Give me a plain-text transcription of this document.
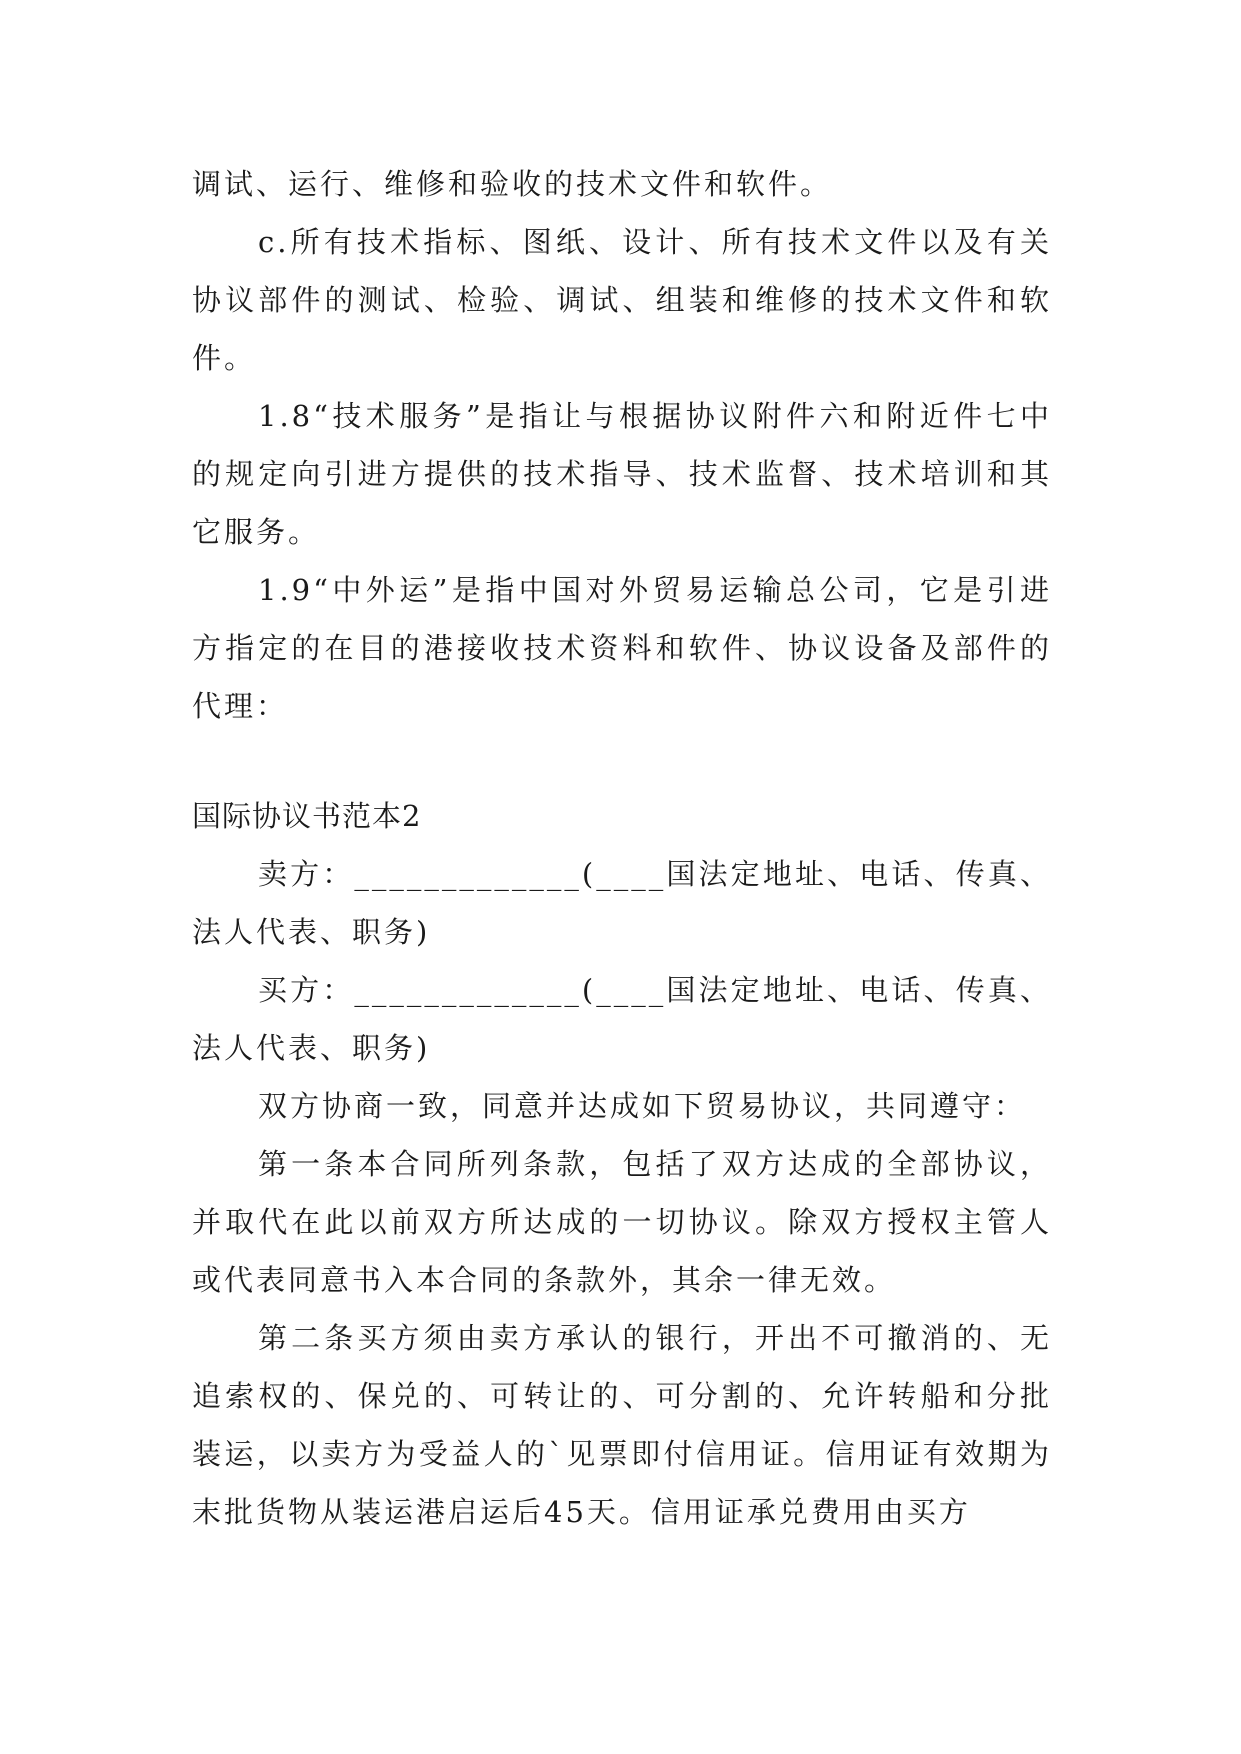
调试、运行、维修和验收的技术文件和软件。

c.所有技术指标、图纸、设计、所有技术文件以及有关协议部件的测试、检验、调试、组装和维修的技术文件和软件。

1.8“技术服务”是指让与根据协议附件六和附近件七中的规定向引进方提供的技术指导、技术监督、技术培训和其它服务。

1.9“中外运”是指中国对外贸易运输总公司，它是引进方指定的在目的港接收技术资料和软件、协议设备及部件的代理：

国际协议书范本2

卖方：_____________(____国法定地址、电话、传真、法人代表、职务)

买方：_____________(____国法定地址、电话、传真、法人代表、职务)

双方协商一致，同意并达成如下贸易协议，共同遵守：

第一条本合同所列条款，包括了双方达成的全部协议，并取代在此以前双方所达成的一切协议。除双方授权主管人或代表同意书入本合同的条款外，其余一律无效。

第二条买方须由卖方承认的银行，开出不可撤消的、无追索权的、保兑的、可转让的、可分割的、允许转船和分批装运，以卖方为受益人的`见票即付信用证。信用证有效期为末批货物从装运港启运后45天。信用证承兑费用由买方
